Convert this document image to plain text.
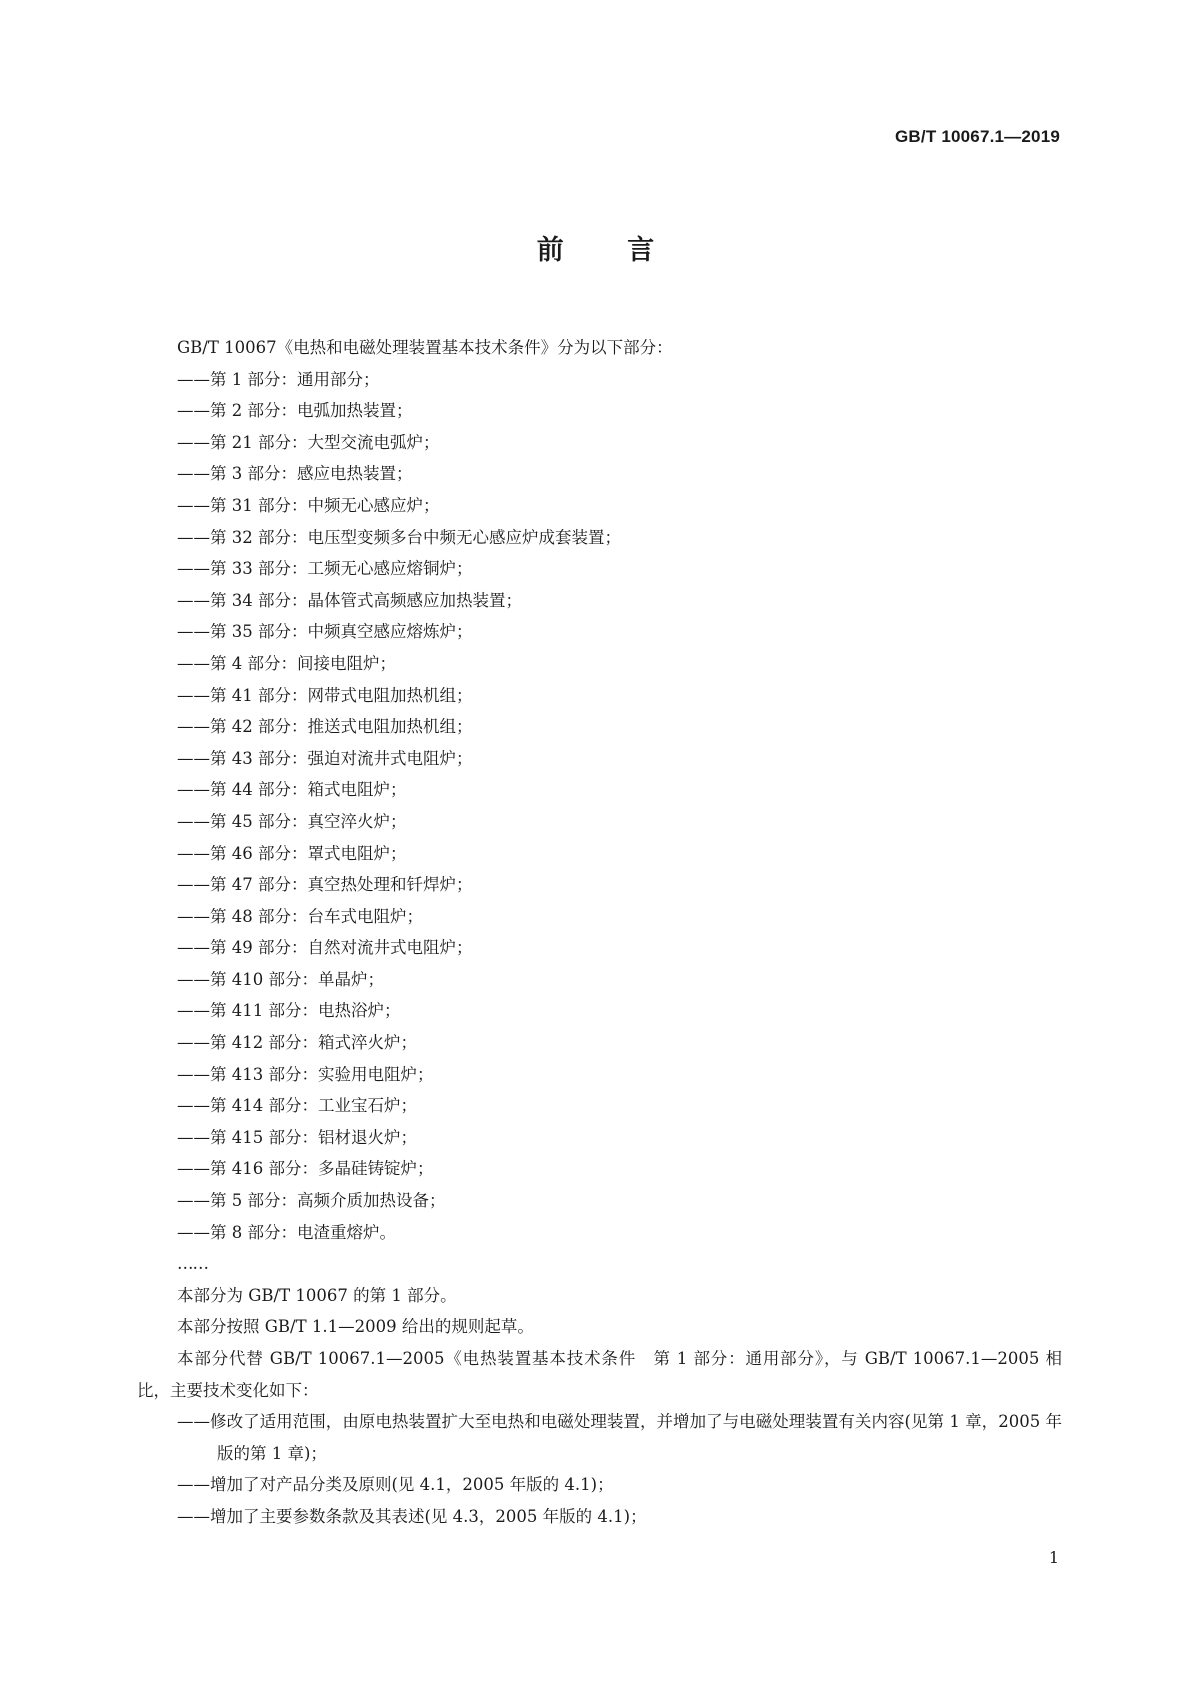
GB/T 10067.1—2019
前 言

GB/T 10067《电热和电磁处理装置基本技术条件》分为以下部分：

——第 1 部分：通用部分；

——第 2 部分：电弧加热装置；

——第 21 部分：大型交流电弧炉；

——第 3 部分：感应电热装置；

——第 31 部分：中频无心感应炉；

——第 32 部分：电压型变频多台中频无心感应炉成套装置；

——第 33 部分：工频无心感应熔铜炉；

——第 34 部分：晶体管式高频感应加热装置；

——第 35 部分：中频真空感应熔炼炉；

——第 4 部分：间接电阻炉；

——第 41 部分：网带式电阻加热机组；

——第 42 部分：推送式电阻加热机组；

——第 43 部分：强迫对流井式电阻炉；

——第 44 部分：箱式电阻炉；

——第 45 部分：真空淬火炉；

——第 46 部分：罩式电阻炉；

——第 47 部分：真空热处理和钎焊炉；

——第 48 部分：台车式电阻炉；

——第 49 部分：自然对流井式电阻炉；

——第 410 部分：单晶炉；

——第 411 部分：电热浴炉；

——第 412 部分：箱式淬火炉；

——第 413 部分：实验用电阻炉；

——第 414 部分：工业宝石炉；

——第 415 部分：铝材退火炉；

——第 416 部分：多晶硅铸锭炉；

——第 5 部分：高频介质加热设备；

——第 8 部分：电渣重熔炉。

……

本部分为 GB/T 10067 的第 1 部分。

本部分按照 GB/T 1.1—2009 给出的规则起草。

本部分代替 GB/T 10067.1—2005《电热装置基本技术条件　第 1 部分：通用部分》，与 GB/T 10067.1—2005 相比，主要技术变化如下：

——修改了适用范围，由原电热装置扩大至电热和电磁处理装置，并增加了与电磁处理装置有关内容(见第 1 章，2005 年版的第 1 章)；

——增加了对产品分类及原则(见 4.1，2005 年版的 4.1)；

——增加了主要参数条款及其表述(见 4.3，2005 年版的 4.1)；

1
